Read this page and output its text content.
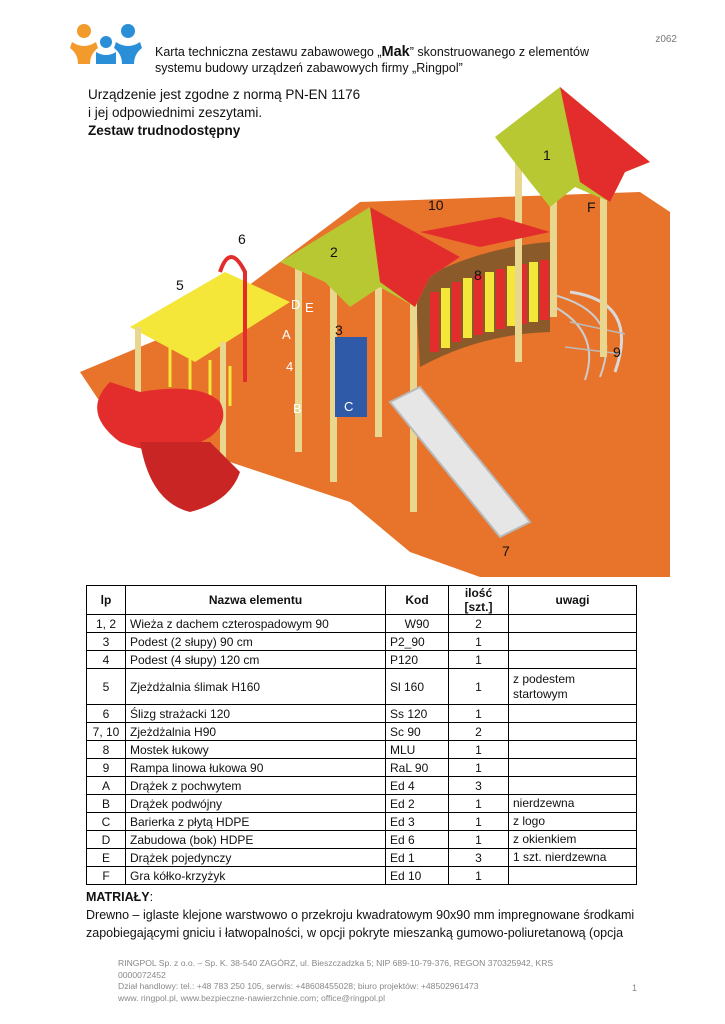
z062
Karta techniczna zestawu zabawowego „Mak” skonstruowanego z elementów systemu budowy urządzeń zabawowych firmy „Ringpol”
1
2
3
4
5
6
7
8
9
10
A
B	C
D E
F
Urządzenie jest zgodne z normą PN-EN 1176
i jej odpowiednimi zeszytami.
Zestaw trudnodostępny
lp	Nazwa elementu	Kod	ilość [szt.]	uwagi
1, 2	Wieża z dachem czterospadowym 90	W90	2	
3	Podest (2 słupy) 90 cm	P2_90	1	
4	Podest (4 słupy) 120 cm	P120	1	
5	Zjeżdżalnia ślimak H160	Sl 160	1	z podestem startowym
6	Ślizg strażacki 120	Ss 120	1	
7, 10	Zjeżdżalnia H90	Sc 90	2	
8	Mostek łukowy	MLU	1	
9	Rampa linowa łukowa 90	RaL 90	1	
A	Drążek z pochwytem	Ed 4	3	
B	Drążek podwójny	Ed 2	1	nierdzewna
C	Barierka z płytą HDPE	Ed 3	1	z logo
D	Zabudowa (bok) HDPE	Ed 6	1	z okienkiem
E	Drążek pojedynczy	Ed 1	3	1 szt. nierdzewna
F	Gra kółko-krzyżyk	Ed 10	1	
MATRIAŁY:
Drewno – iglaste klejone warstwowo o przekroju kwadratowym 90x90 mm impregnowane środkami zapobiegającymi gniciu i łatwopalności, w opcji pokryte mieszanką gumowo-poliuretanową (opcja
RINGPOL Sp. z o.o. – Sp. K. 38-540 ZAGÓRZ, ul. Bieszczadzka 5; NIP 689-10-79-376, REGON 370325942, KRS 0000072452
Dział handlowy: tel.: +48 783 250 105, serwis: +48608455028; biuro projektów: +48502961473
www. ringpol.pl, www.bezpieczne-nawierzchnie.com; office@ringpol.pl
1
